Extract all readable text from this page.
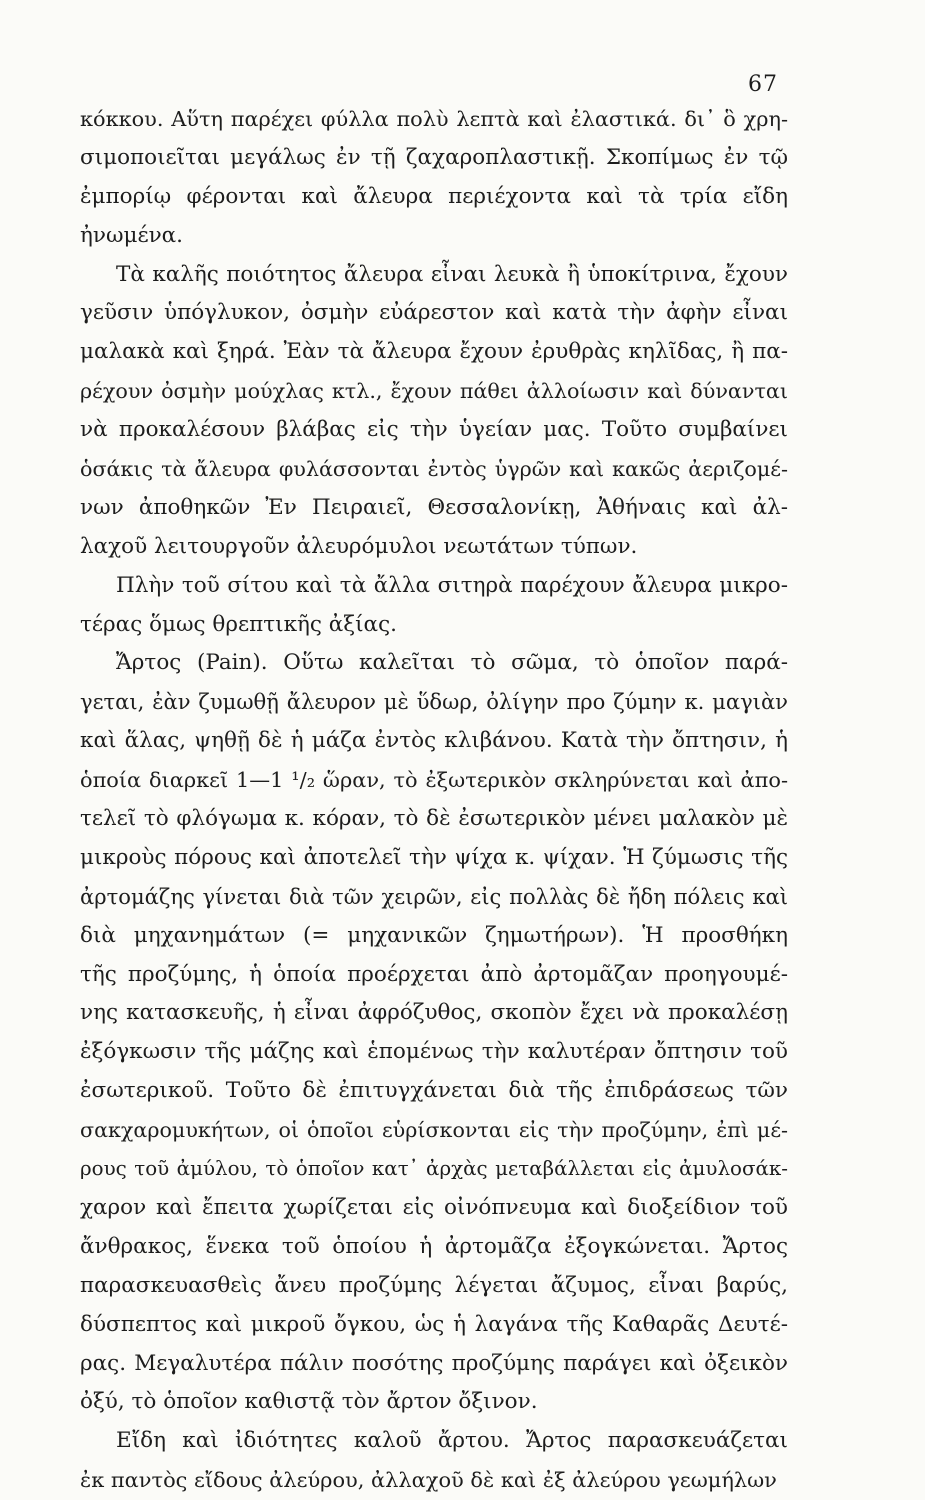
67
κόκκου. Αὕτη παρέχει φύλλα πολὺ λεπτὰ καὶ ἐλαστικά. δι᾽ ὃ χρη-
σιμοποιεῖται μεγάλως ἐν τῇ ζαχαροπλαστικῇ. Σκοπίμως ἐν τῷ
ἐμπορίῳ φέρονται καὶ ἄλευρα περιέχοντα καὶ τὰ τρία εἴδη
ἠνωμένα.
Τὰ καλῆς ποιότητος ἄλευρα εἶναι λευκὰ ἢ ὑποκίτρινα, ἔχουν
γεῦσιν ὑπόγλυκον, ὀσμὴν εὐάρεστον καὶ κατὰ τὴν ἀφὴν εἶναι
μαλακὰ καὶ ξηρά. Ἐὰν τὰ ἄλευρα ἔχουν ἐρυθρὰς κηλῖδας, ἢ πα-
ρέχουν ὀσμὴν μούχλας κτλ., ἔχουν πάθει ἀλλοίωσιν καὶ δύνανται
νὰ προκαλέσουν βλάβας εἰς τὴν ὑγείαν μας. Τοῦτο συμβαίνει
ὁσάκις τὰ ἄλευρα φυλάσσονται ἐντὸς ὑγρῶν καὶ κακῶς ἀεριζομέ-
νων ἀποθηκῶν Ἐν Πειραιεῖ, Θεσσαλονίκῃ, Ἀθήναις καὶ ἀλ-
λαχοῦ λειτουργοῦν ἀλευρόμυλοι νεωτάτων τύπων.
Πλὴν τοῦ σίτου καὶ τὰ ἄλλα σιτηρὰ παρέχουν ἄλευρα μικρο-
τέρας ὅμως θρεπτικῆς ἀξίας.
Ἄρτος (Pain). Οὕτω καλεῖται τὸ σῶμα, τὸ ὁποῖον παρά-
γεται, ἐὰν ζυμωθῇ ἄλευρον μὲ ὕδωρ, ὀλίγην προ ζύμην κ. μαγιὰν
καὶ ἅλας, ψηθῇ δὲ ἡ μάζα ἐντὸς κλιβάνου. Κατὰ τὴν ὄπτησιν, ἡ
ὁποία διαρκεῖ 1—1 ¹/₂ ὥραν, τὸ ἐξωτερικὸν σκληρύνεται καὶ ἀπο-
τελεῖ τὸ φλόγωμα κ. κόραν, τὸ δὲ ἐσωτερικὸν μένει μαλακὸν μὲ
μικροὺς πόρους καὶ ἀποτελεῖ τὴν ψίχα κ. ψίχαν. Ἡ ζύμωσις τῆς
ἀρτομάζης γίνεται διὰ τῶν χειρῶν, εἰς πολλὰς δὲ ἤδη πόλεις καὶ
διὰ μηχανημάτων (= μηχανικῶν ζημωτήρων). Ἡ προσθήκη
τῆς προζύμης, ἡ ὁποία προέρχεται ἀπὸ ἀρτομᾶζαν προηγουμέ-
νης κατασκευῆς, ἡ εἶναι ἀφρόζυθος, σκοπὸν ἔχει νὰ προκαλέσῃ
ἐξόγκωσιν τῆς μάζης καὶ ἑπομένως τὴν καλυτέραν ὄπτησιν τοῦ
ἐσωτερικοῦ. Τοῦτο δὲ ἐπιτυγχάνεται διὰ τῆς ἐπιδράσεως τῶν
σακχαρομυκήτων, οἱ ὁποῖοι εὑρίσκονται εἰς τὴν προζύμην, ἐπὶ μέ-
ρους τοῦ ἀμύλου, τὸ ὁποῖον κατ᾽ ἀρχὰς μεταβάλλεται εἰς ἀμυλοσάκ-
χαρον καὶ ἔπειτα χωρίζεται εἰς οἰνόπνευμα καὶ διοξείδιον τοῦ
ἄνθρακος, ἕνεκα τοῦ ὁποίου ἡ ἀρτομᾶζα ἐξογκώνεται. Ἄρτος
παρασκευασθεὶς ἄνευ προζύμης λέγεται ἄζυμος, εἶναι βαρύς,
δύσπεπτος καὶ μικροῦ ὄγκου, ὡς ἡ λαγάνα τῆς Καθαρᾶς Δευτέ-
ρας. Μεγαλυτέρα πάλιν ποσότης προζύμης παράγει καὶ ὀξεικὸν
ὀξύ, τὸ ὁποῖον καθιστᾷ τὸν ἄρτον ὄξινον.
Εἴδη καὶ ἰδιότητες καλοῦ ἄρτου. Ἄρτος παρασκευάζεται
ἐκ παντὸς εἴδους ἀλεύρου, ἀλλαχοῦ δὲ καὶ ἐξ ἀλεύρου γεωμήλων
